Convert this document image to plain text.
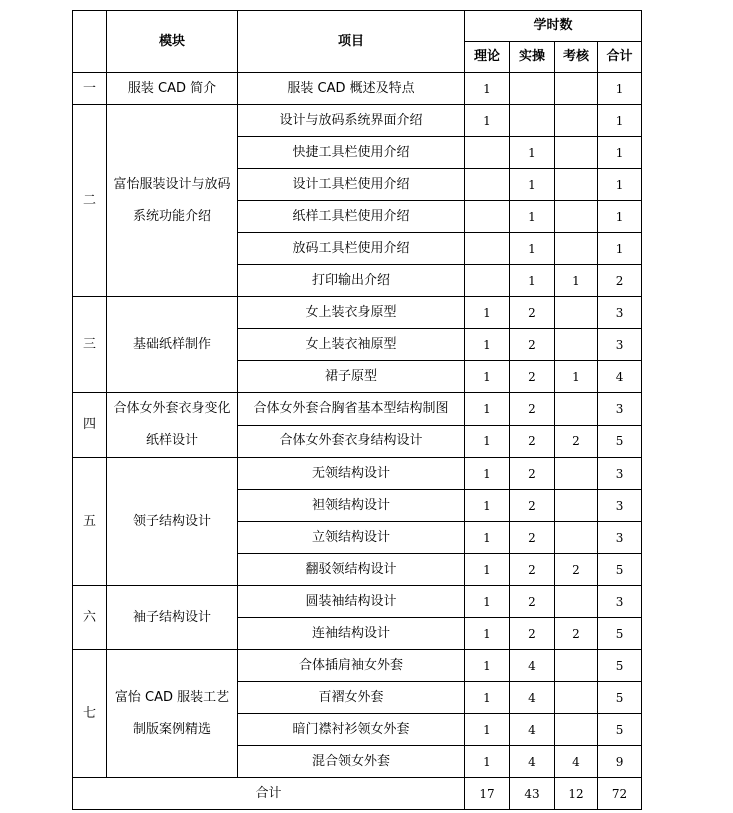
	模块	项目	学时数			
			理论	实操	考核	合计
一	服装 CAD 简介	服装 CAD 概述及特点	1			1
二	富怡服装设计与放码系统功能介绍	设计与放码系统界面介绍	1			1
		快捷工具栏使用介绍		1		1
		设计工具栏使用介绍		1		1
		纸样工具栏使用介绍		1		1
		放码工具栏使用介绍		1		1
		打印输出介绍		1	1	2
三	基础纸样制作	女上装衣身原型	1	2		3
		女上装衣袖原型	1	2		3
		裙子原型	1	2	1	4
四	合体女外套衣身变化纸样设计	合体女外套合胸省基本型结构制图	1	2		3
		合体女外套衣身结构设计	1	2	2	5
五	领子结构设计	无领结构设计	1	2		3
		袒领结构设计	1	2		3
		立领结构设计	1	2		3
		翻驳领结构设计	1	2	2	5
六	袖子结构设计	圆装袖结构设计	1	2		3
		连袖结构设计	1	2	2	5
七	富怡 CAD 服装工艺制版案例精选	合体插肩袖女外套	1	4		5
		百褶女外套	1	4		5
		暗门襟衬衫领女外套	1	4		5
		混合领女外套	1	4	4	9
合计			17	43	12	72
